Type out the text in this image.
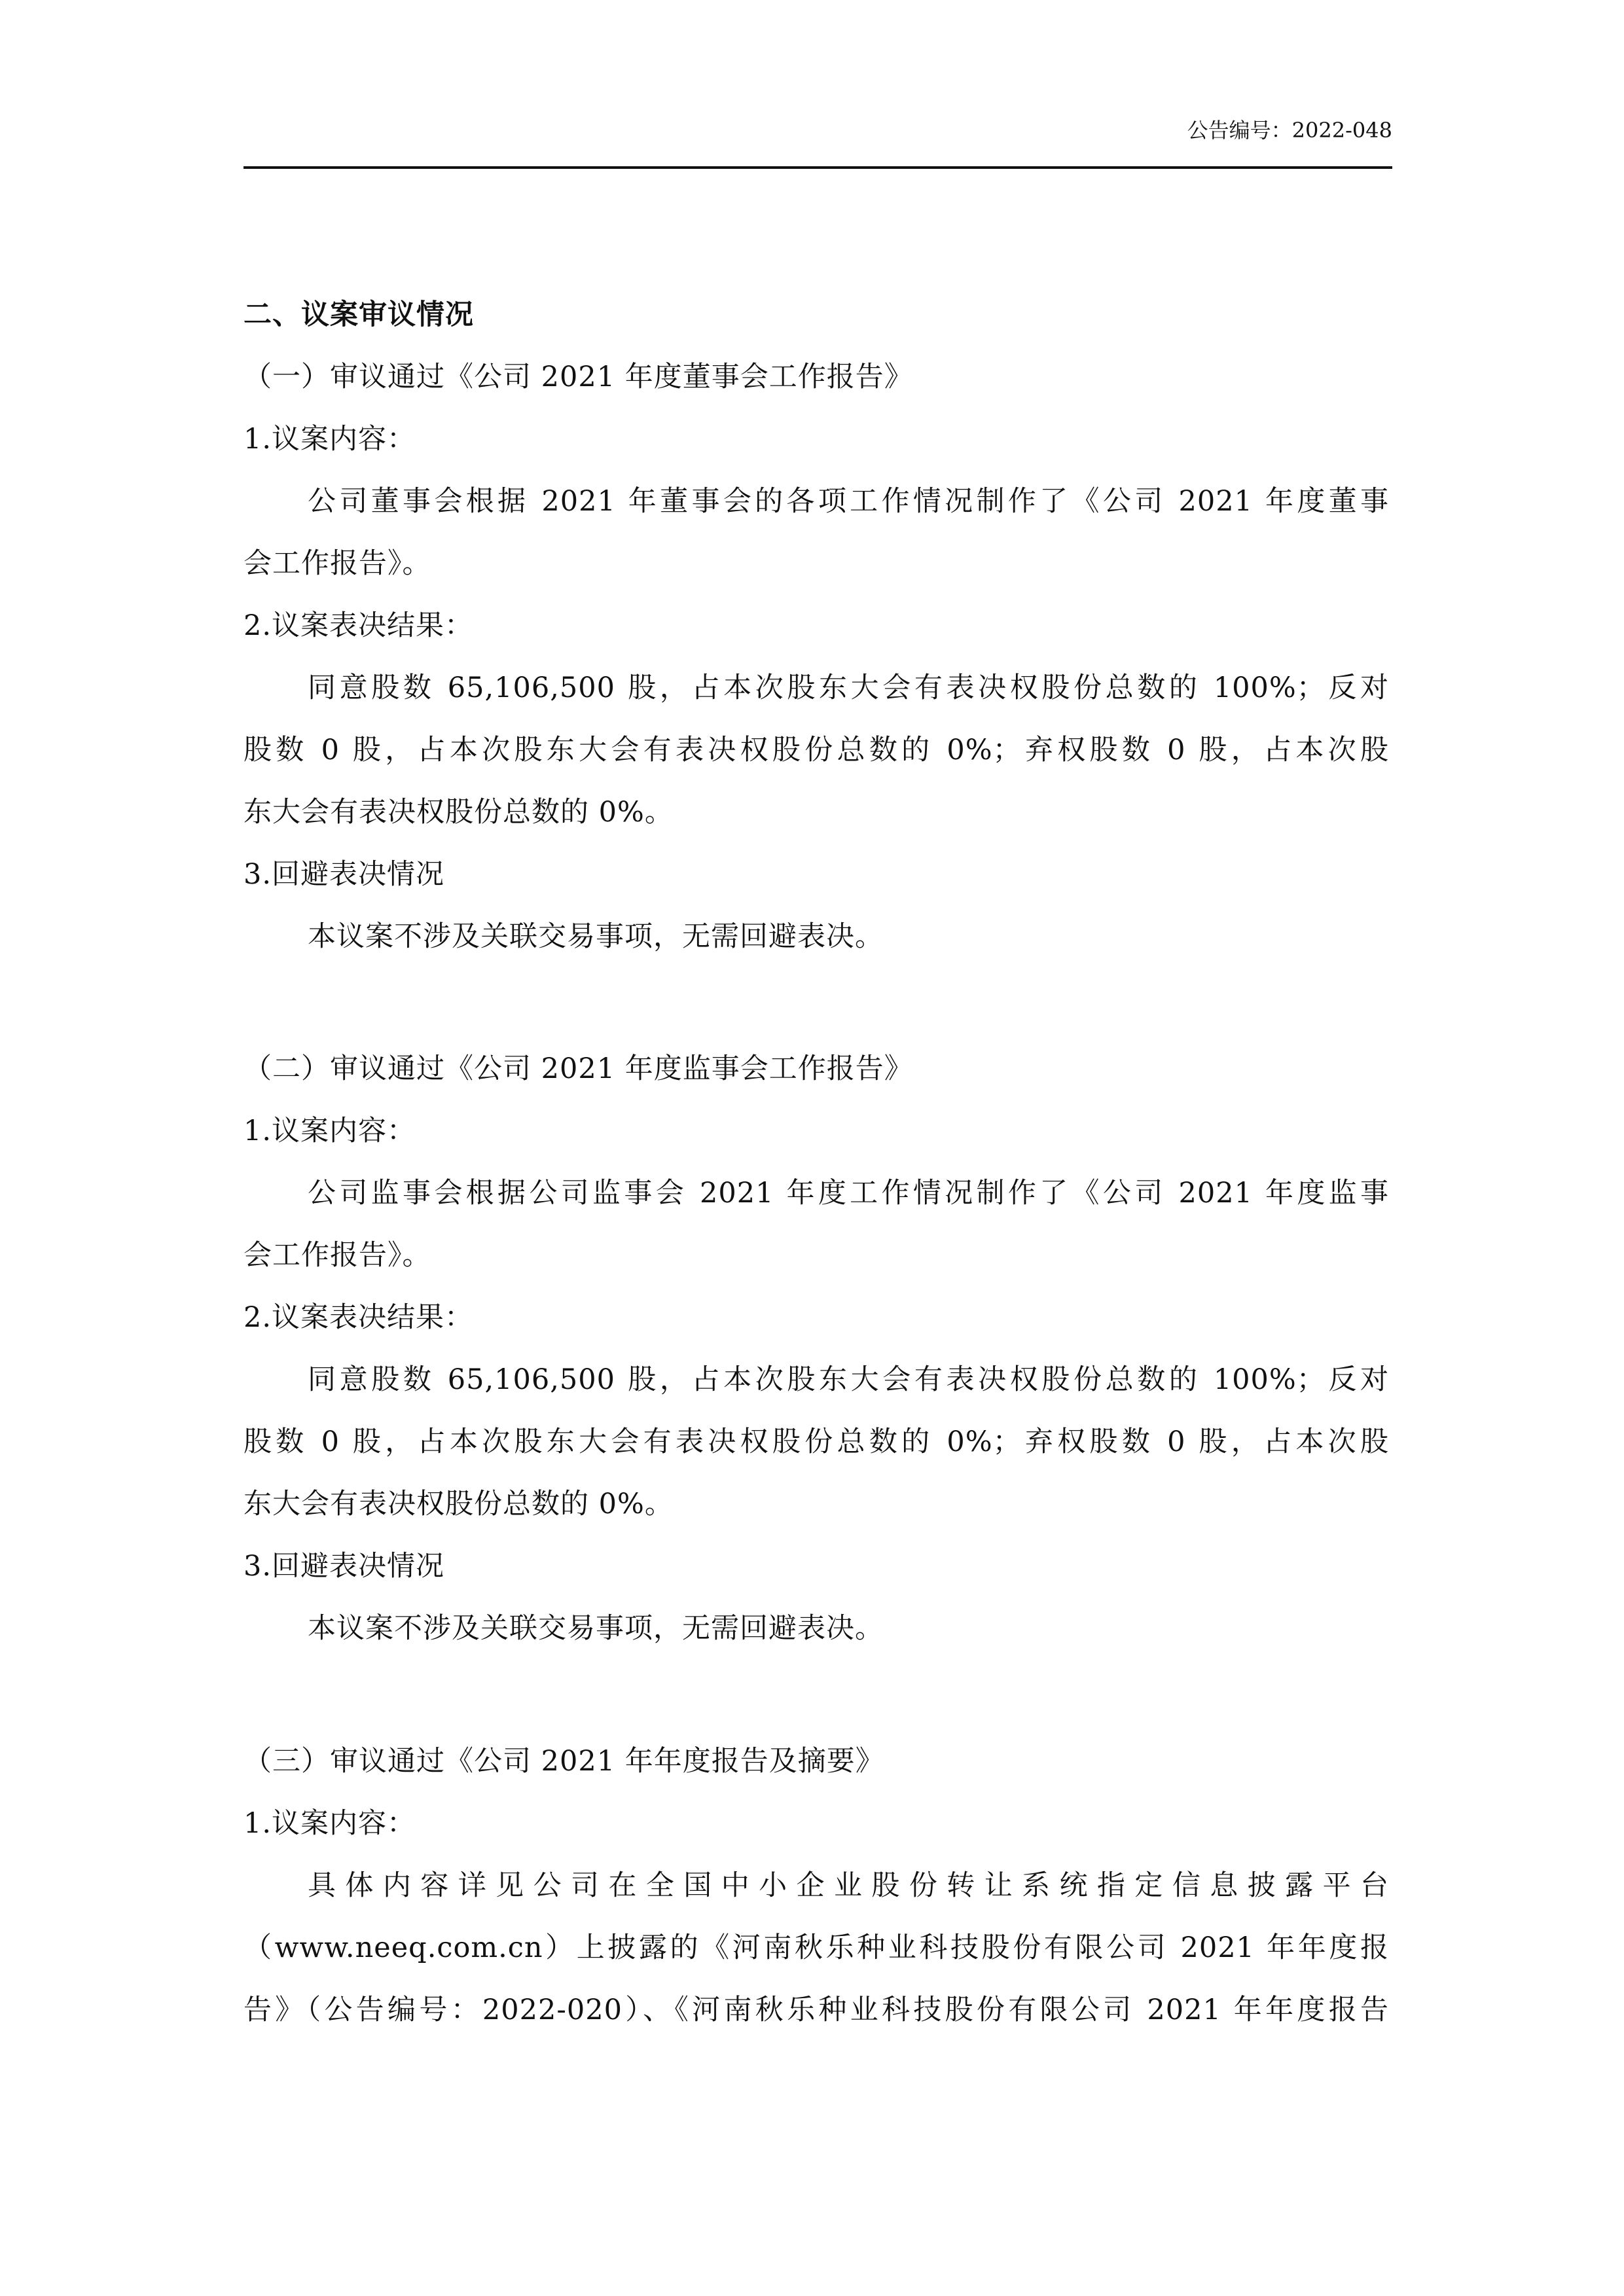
公告编号：2022-048
二、议案审议情况
（一）审议通过《公司 2021 年度董事会工作报告》
1.议案内容：
公司董事会根据 2021 年董事会的各项工作情况制作了《公司 2021 年度董事
会工作报告》。
2.议案表决结果：
同意股数 65,106,500 股，占本次股东大会有表决权股份总数的 100%；反对
股数 0 股，占本次股东大会有表决权股份总数的 0%；弃权股数 0 股，占本次股
东大会有表决权股份总数的 0%。
3.回避表决情况
本议案不涉及关联交易事项，无需回避表决。
（二）审议通过《公司 2021 年度监事会工作报告》
1.议案内容：
公司监事会根据公司监事会 2021 年度工作情况制作了《公司 2021 年度监事
会工作报告》。
2.议案表决结果：
同意股数 65,106,500 股，占本次股东大会有表决权股份总数的 100%；反对
股数 0 股，占本次股东大会有表决权股份总数的 0%；弃权股数 0 股，占本次股
东大会有表决权股份总数的 0%。
3.回避表决情况
本议案不涉及关联交易事项，无需回避表决。
（三）审议通过《公司 2021 年年度报告及摘要》
1.议案内容：
具体内容详见公司在全国中小企业股份转让系统指定信息披露平台
（www.neeq.com.cn）上披露的《河南秋乐种业科技股份有限公司 2021 年年度报
告》（公告编号：2022-020）、《河南秋乐种业科技股份有限公司 2021 年年度报告
